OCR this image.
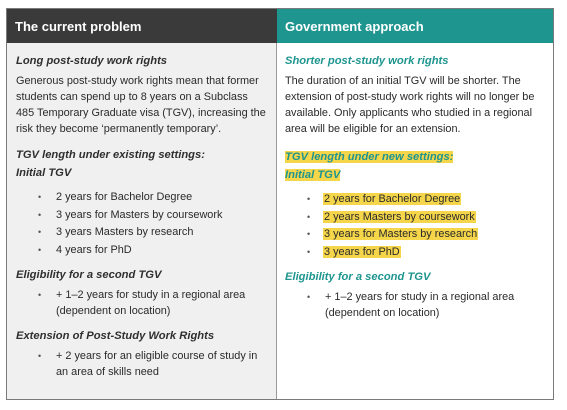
The current problem	Government approach
Long post-study work rights
Generous post-study work rights mean that former students can spend up to 8 years on a Subclass 485 Temporary Graduate visa (TGV), increasing the risk they become ‘permanently temporary’.
TGV length under existing settings:
Initial TGV
• 2 years for Bachelor Degree
• 3 years for Masters by coursework
• 3 years Masters by research
• 4 years for PhD
Eligibility for a second TGV
• + 1–2 years for study in a regional area (dependent on location)
Extension of Post-Study Work Rights
• + 2 years for an eligible course of study in an area of skills need
Shorter post-study work rights
The duration of an initial TGV will be shorter. The extension of post-study work rights will no longer be available. Only applicants who studied in a regional area will be eligible for an extension.
TGV length under new settings:
Initial TGV
• 2 years for Bachelor Degree
• 2 years Masters by coursework
• 3 years for Masters by research
• 3 years for PhD
Eligibility for a second TGV
• + 1–2 years for study in a regional area (dependent on location)
